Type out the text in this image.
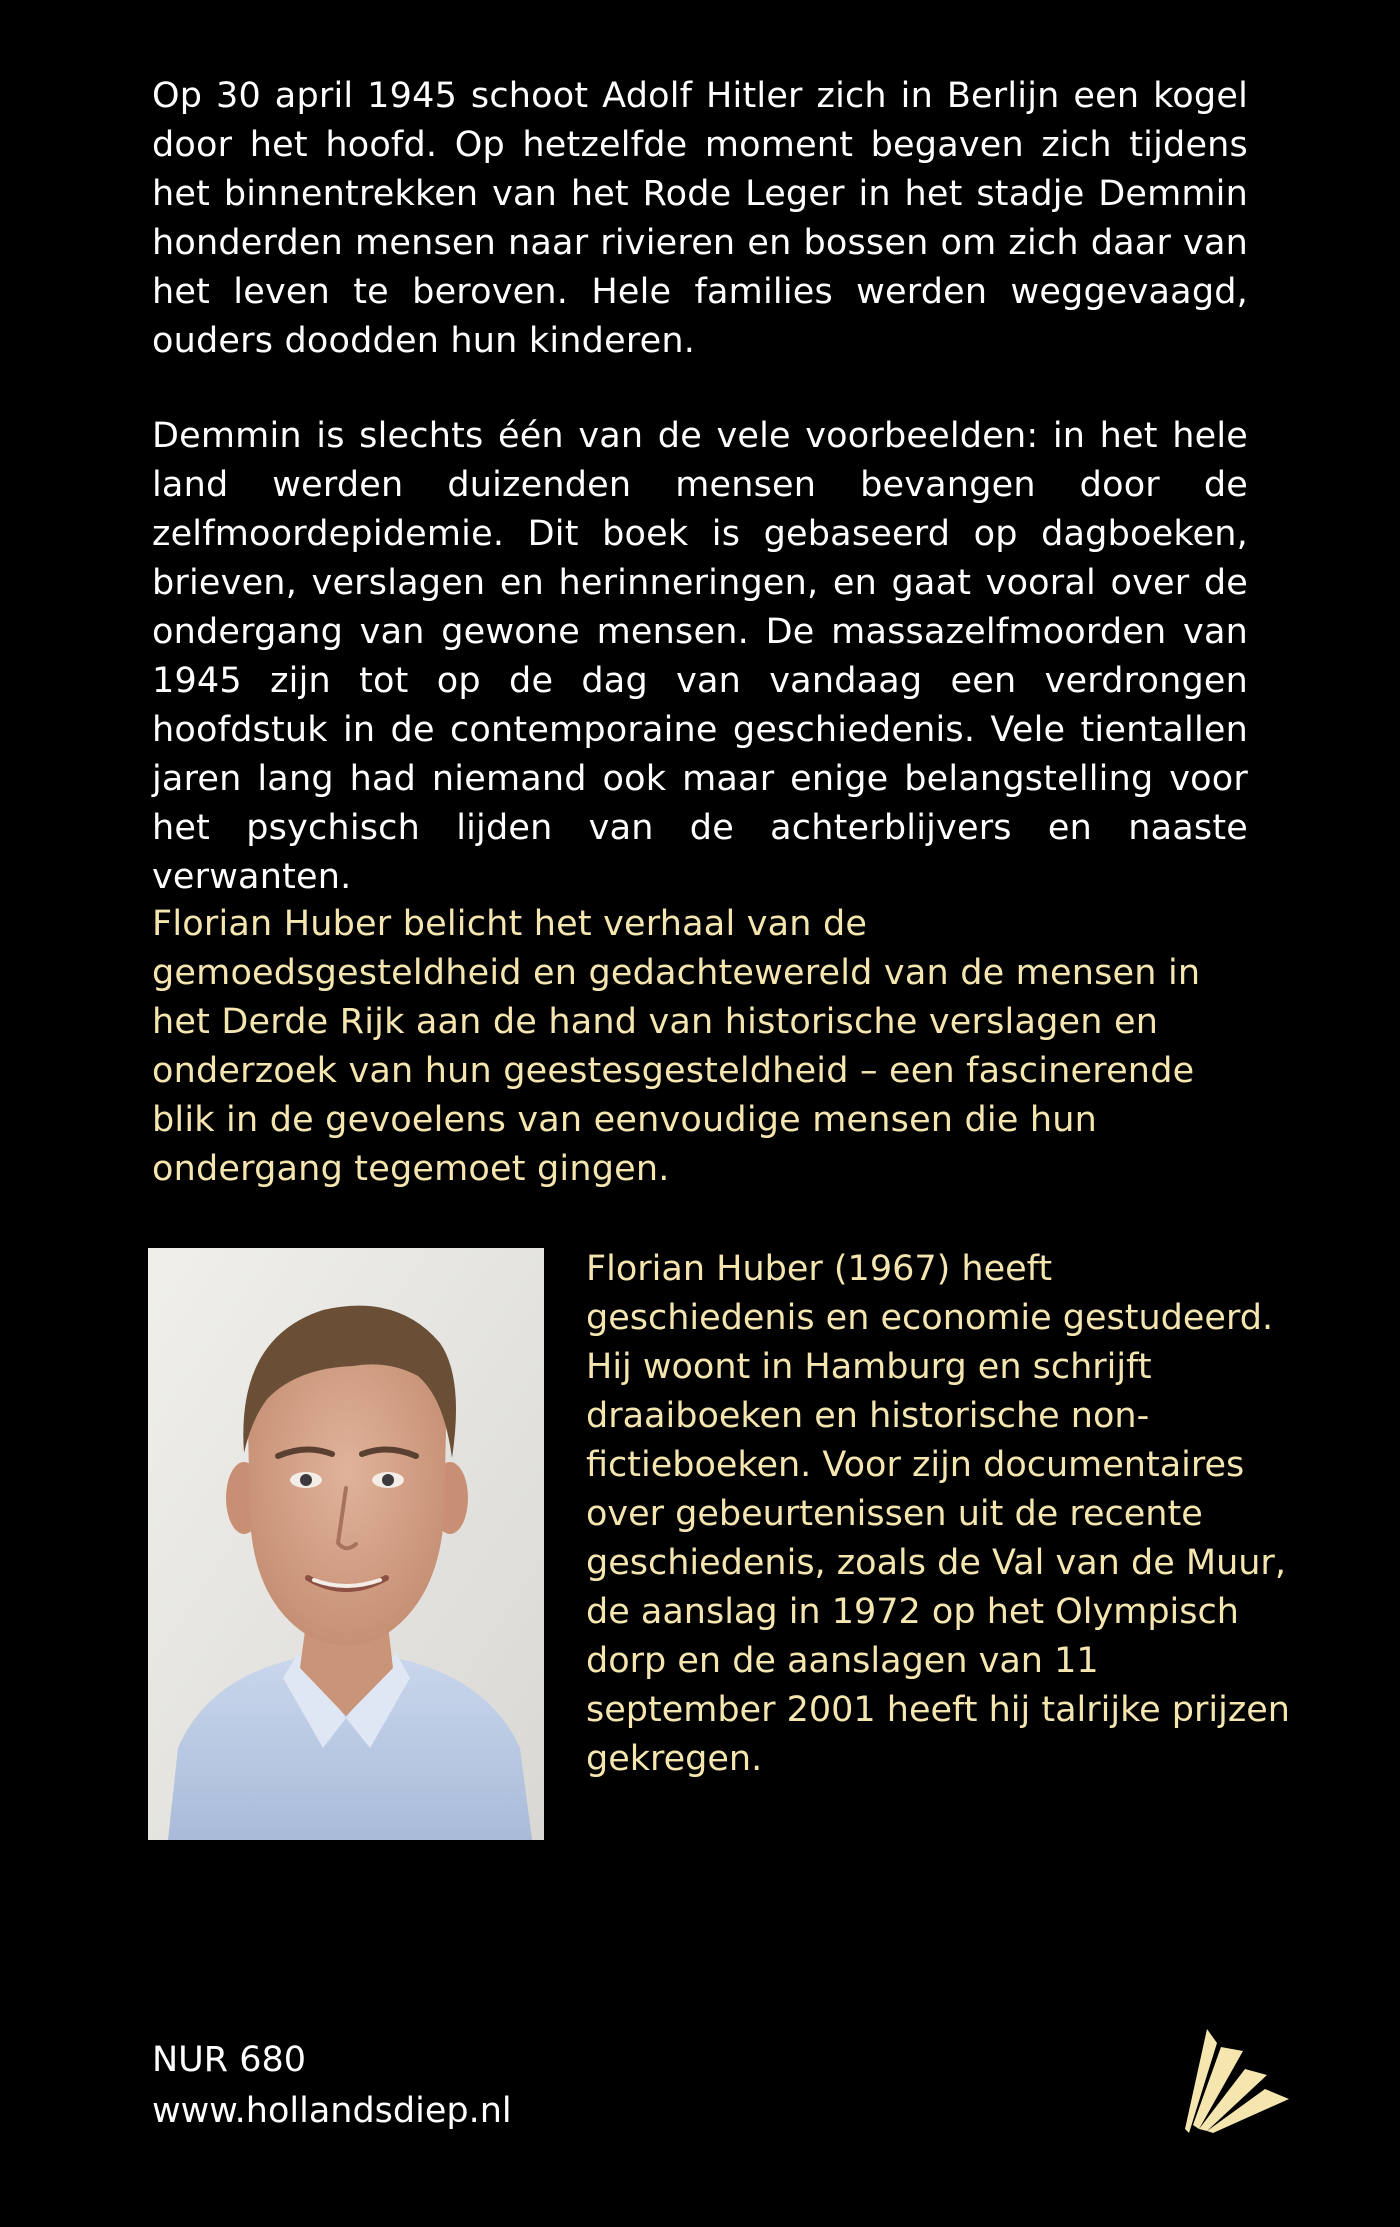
Op 30 april 1945 schoot Adolf Hitler zich in Berlijn een kogel door het hoofd. Op hetzelfde moment begaven zich tijdens het binnentrekken van het Rode Leger in het stadje Demmin honderden mensen naar rivieren en bossen om zich daar van het leven te beroven. Hele families werden weggevaagd, ouders doodden hun kinderen.

Demmin is slechts één van de vele voorbeelden: in het hele land werden duizenden mensen bevangen door de zelfmoordepidemie. Dit boek is gebaseerd op dagboeken, brieven, verslagen en herinneringen, en gaat vooral over de ondergang van gewone mensen. De massazelfmoorden van 1945 zijn tot op de dag van vandaag een verdrongen hoofdstuk in de contemporaine geschiedenis. Vele tientallen jaren lang had niemand ook maar enige belangstelling voor het psychisch lijden van de achterblijvers en naaste verwanten.

Florian Huber belicht het verhaal van de gemoedsgesteldheid en gedachtewereld van de mensen in het Derde Rijk aan de hand van historische verslagen en onderzoek van hun geestesgesteldheid – een fascinerende blik in de gevoelens van eenvoudige mensen die hun ondergang tegemoet gingen.

Florian Huber (1967) heeft geschiedenis en economie gestudeerd. Hij woont in Hamburg en schrijft draaiboeken en historische non-fictieboeken. Voor zijn documentaires over gebeurtenissen uit de recente geschiedenis, zoals de Val van de Muur, de aanslag in 1972 op het Olympisch dorp en de aanslagen van 11 september 2001 heeft hij talrijke prijzen gekregen.

NUR 680

www.hollandsdiep.nl
